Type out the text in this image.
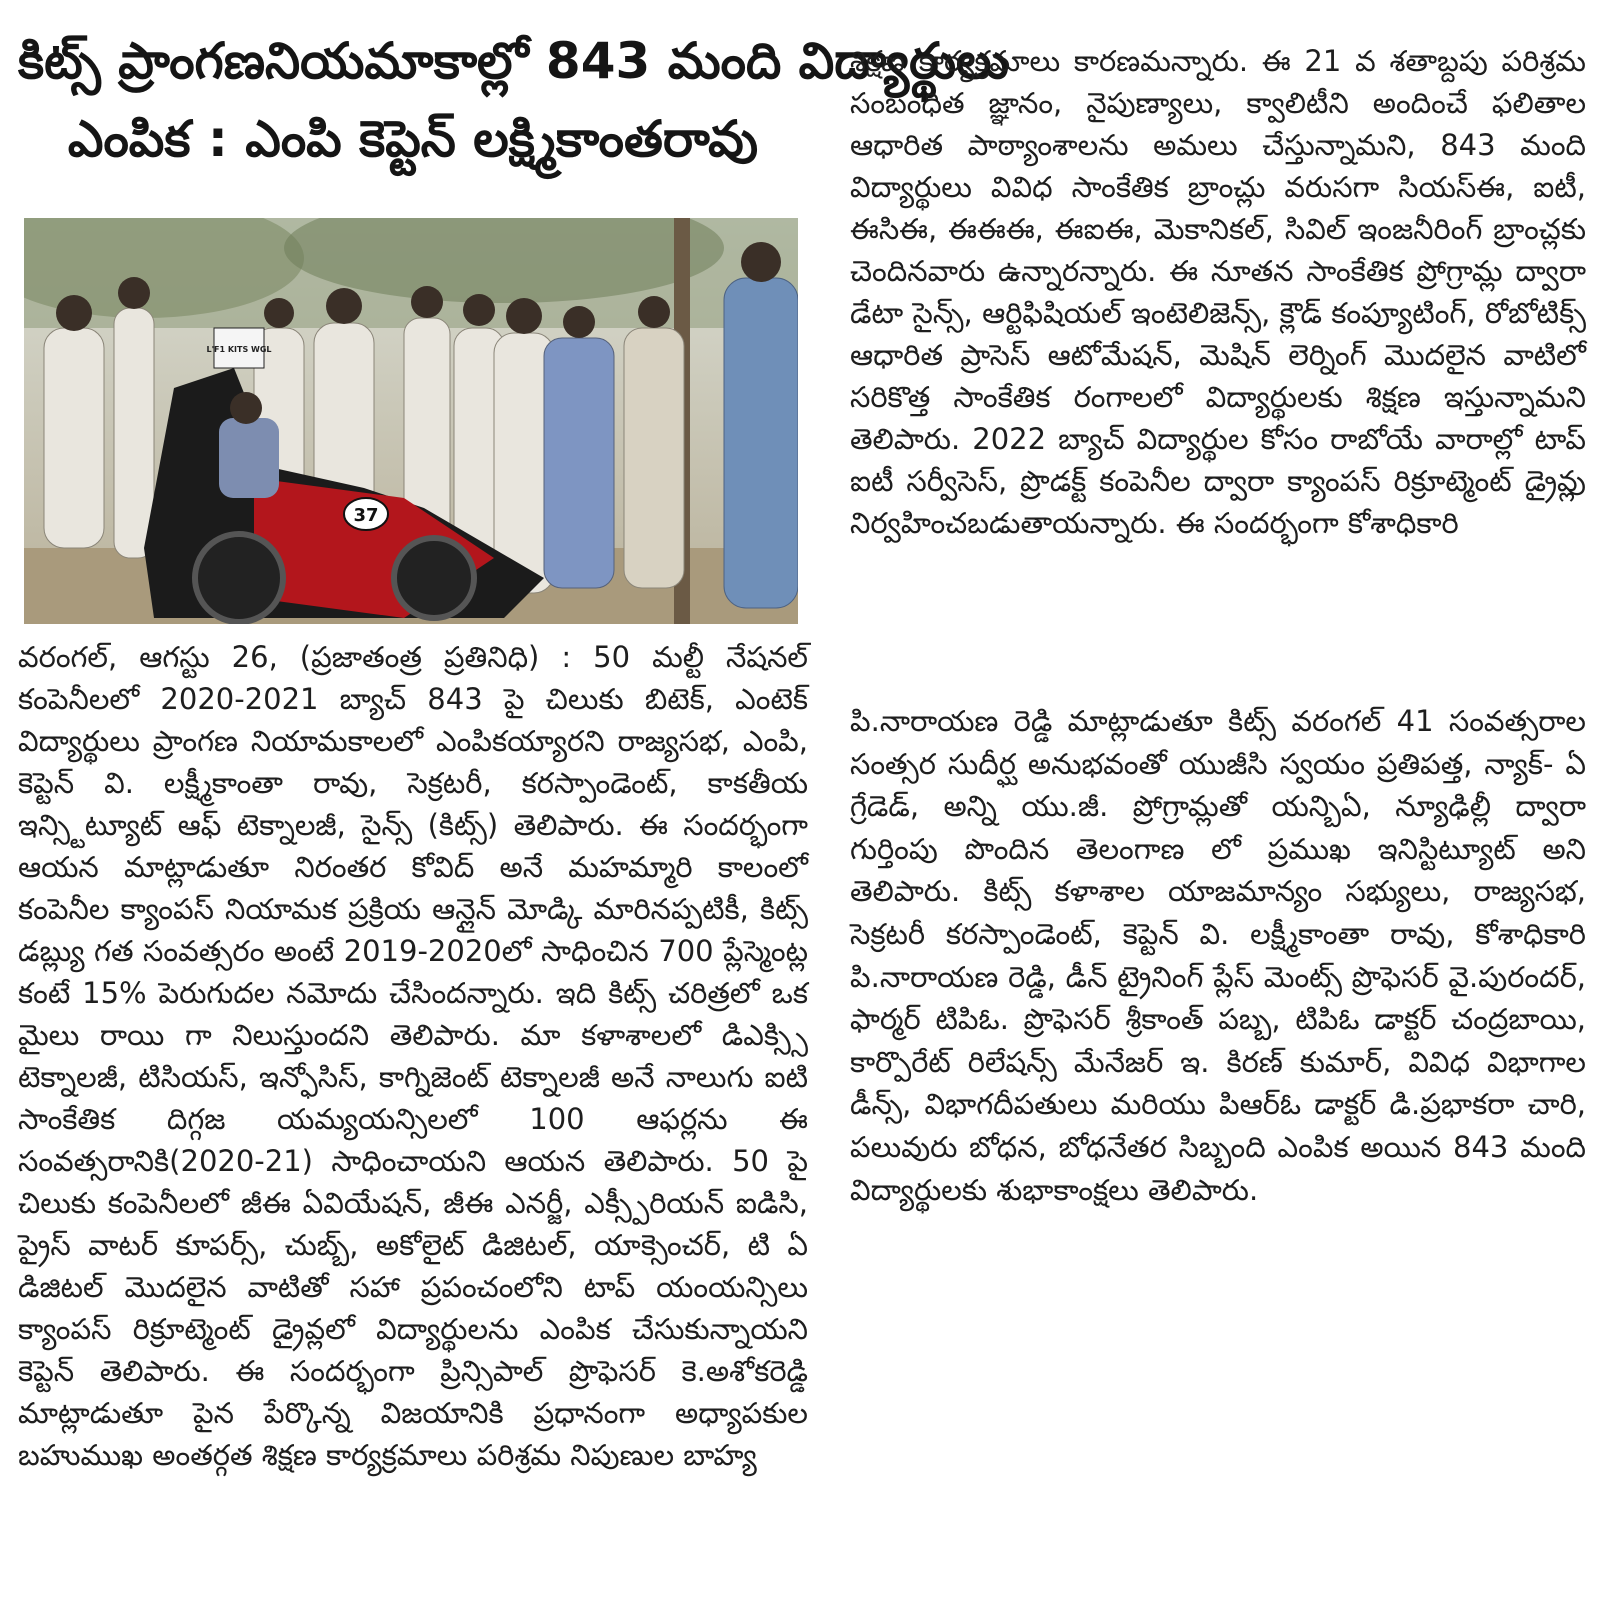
కిట్స్ ప్రాంగణనియమాకాల్లో 843 మంది విద్యార్థులు
ఎంపిక : ఎంపి కెప్టెన్ లక్ష్మికాంతరావు
37
L'F1 KITS WGL

వరంగల్, ఆగస్టు 26, (ప్రజాతంత్ర ప్రతినిధి) : 50 మల్టీ నేషనల్ కంపెనీలలో 2020-2021 బ్యాచ్ 843 పై చిలుకు బిటెక్, ఎంటెక్ విద్యార్థులు ప్రాంగణ నియామకాలలో ఎంపికయ్యారని రాజ్యసభ, ఎంపి, కెప్టెన్ వి. లక్ష్మీకాంతా రావు, సెక్రటరీ, కరస్పాండెంట్, కాకతీయ ఇన్స్టిట్యూట్ ఆఫ్ టెక్నాలజీ, సైన్స్ (కిట్స్) తెలిపారు. ఈ సందర్భంగా ఆయన మాట్లాడుతూ నిరంతర కోవిద్ అనే మహమ్మారి కాలంలో కంపెనీల క్యాంపస్ నియామక ప్రక్రియ ఆన్లైన్ మోడ్కి మారినప్పటికీ, కిట్స్ డబ్ల్యు గత సంవత్సరం అంటే 2019-2020లో సాధించిన 700 ప్లేస్మెంట్ల కంటే 15% పెరుగుదల నమోదు చేసిందన్నారు. ఇది కిట్స్ చరిత్రలో ఒక మైలు రాయి గా నిలుస్తుందని తెలిపారు. మా కళాశాలలో డిఎక్స్సి టెక్నాలజీ, టిసియస్, ఇన్ఫోసిస్, కాగ్నిజెంట్ టెక్నాలజీ అనే నాలుగు ఐటి సాంకేతిక దిగ్గజ యమ్యయన్సిలలో 100 ఆఫర్లను ఈ సంవత్సరానికి(2020-21) సాధించాయని ఆయన తెలిపారు. 50 పై చిలుకు కంపెనీలలో జీఈ ఏవియేషన్, జీఈ ఎనర్జీ, ఎక్స్పీరియన్ ఐడిసి, ప్రైస్ వాటర్ కూపర్స్, చుబ్బ్, అకోలైట్ డిజిటల్, యాక్సెంచర్, టి ఏ డిజిటల్ మొదలైన వాటితో సహా ప్రపంచంలోని టాప్ యంయన్సిలు క్యాంపస్ రిక్రూట్మెంట్ డ్రైవ్లలో విద్యార్థులను ఎంపిక చేసుకున్నాయని కెప్టెన్ తెలిపారు. ఈ సందర్భంగా ప్రిన్సిపాల్ ప్రొఫెసర్ కె.అశోకరెడ్డి మాట్లాడుతూ పైన పేర్కొన్న విజయానికి ప్రధానంగా అధ్యాపకుల బహుముఖ అంతర్గత శిక్షణ కార్యక్రమాలు పరిశ్రమ నిపుణుల బాహ్య

శిక్షణ కార్యక్రమాలు కారణమన్నారు. ఈ 21 వ శతాబ్దపు పరిశ్రమ సంబంధిత జ్ఞానం, నైపుణ్యాలు, క్వాలిటీని అందించే ఫలితాల ఆధారిత పాఠ్యాంశాలను అమలు చేస్తున్నామని, 843 మంది విద్యార్థులు వివిధ సాంకేతిక బ్రాంచ్లు వరుసగా సియస్ఈ, ఐటీ, ఈసిఈ, ఈఈఈ, ఈఐఈ, మెకానికల్, సివిల్ ఇంజనీరింగ్ బ్రాంచ్లకు చెందినవారు ఉన్నారన్నారు. ఈ నూతన సాంకేతిక ప్రోగ్రామ్ల ద్వారా డేటా సైన్స్, ఆర్టిఫిషియల్ ఇంటెలిజెన్స్, క్లౌడ్ కంప్యూటింగ్, రోబోటిక్స్ ఆధారిత ప్రాసెస్ ఆటోమేషన్, మెషిన్ లెర్నింగ్ మొదలైన వాటిలో సరికొత్త సాంకేతిక రంగాలలో విద్యార్థులకు శిక్షణ ఇస్తున్నామని తెలిపారు. 2022 బ్యాచ్ విద్యార్థుల కోసం రాబోయే వారాల్లో టాప్ ఐటీ సర్వీసెస్, ప్రొడక్ట్ కంపెనీల ద్వారా క్యాంపస్ రిక్రూట్మెంట్ డ్రైవ్లు నిర్వహించబడుతాయన్నారు. ఈ సందర్భంగా కోశాధికారి

పి.నారాయణ రెడ్డి మాట్లాడుతూ కిట్స్ వరంగల్ 41 సంవత్సరాల సంత్సర సుదీర్ఘ అనుభవంతో యుజీసి స్వయం ప్రతిపత్త, న్యాక్- ఏ గ్రేడెడ్, అన్ని యు.జీ. ప్రోగ్రామ్లతో యన్బిఏ, న్యూఢిల్లీ ద్వారా గుర్తింపు పొందిన తెలంగాణ లో ప్రముఖ ఇనిస్టిట్యూట్ అని తెలిపారు. కిట్స్ కళాశాల యాజమాన్యం సభ్యులు, రాజ్యసభ, సెక్రటరీ కరస్పాండెంట్, కెప్టెన్ వి. లక్ష్మీకాంతా రావు, కోశాధికారి పి.నారాయణ రెడ్డి, డీన్ ట్రైనింగ్ ప్లేస్ మెంట్స్ ప్రొఫెసర్ వై.పురందర్, ఫార్మర్ టిపిఓ. ప్రొఫెసర్ శ్రీకాంత్ పబ్బ, టిపిఓ డాక్టర్ చంద్రబాయి, కార్పొరేట్ రిలేషన్స్ మేనేజర్ ఇ. కిరణ్ కుమార్, వివిధ విభాగాల డీన్స్, విభాగదీపతులు మరియు పిఆర్ఓ డాక్టర్ డి.ప్రభాకరా చారి, పలువురు బోధన, బోధనేతర సిబ్బంది ఎంపిక అయిన 843 మంది విద్యార్థులకు శుభాకాంక్షలు తెలిపారు.
